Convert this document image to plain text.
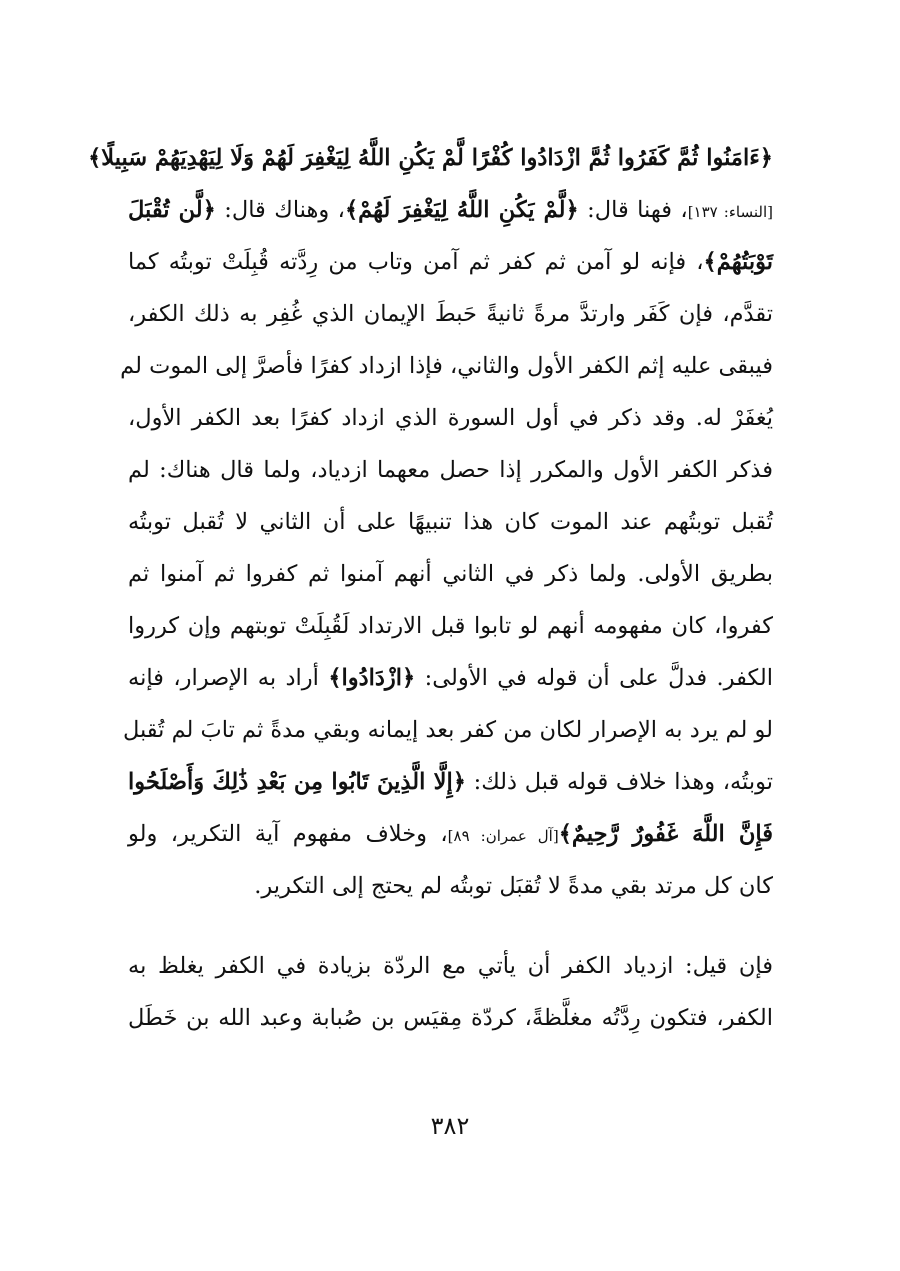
﴿ءَامَنُوا ثُمَّ كَفَرُوا ثُمَّ ازْدَادُوا كُفْرًا لَّمْ يَكُنِ اللَّهُ لِيَغْفِرَ لَهُمْ وَلَا لِيَهْدِيَهُمْ سَبِيلًا﴾
[النساء: ١٣٧]، فهنا قال: ﴿لَّمْ يَكُنِ اللَّهُ لِيَغْفِرَ لَهُمْ﴾، وهناك قال: ﴿لَّن تُقْبَلَ
تَوْبَتُهُمْ﴾، فإنه لو آمن ثم كفر ثم آمن وتاب من رِدَّته قُبِلَتْ توبتُه كما
تقدَّم، فإن كَفَر وارتدَّ مرةً ثانيةً حَبطَ الإيمان الذي غُفِر به ذلك الكفر،
فيبقى عليه إثم الكفر الأول والثاني، فإذا ازداد كفرًا فأصرَّ إلى الموت لم
يُغفَرْ له. وقد ذكر في أول السورة الذي ازداد كفرًا بعد الكفر الأول،
فذكر الكفر الأول والمكرر إذا حصل معهما ازدياد، ولما قال هناك: لم
تُقبل توبتُهم عند الموت كان هذا تنبيهًا على أن الثاني لا تُقبل توبتُه
بطريق الأولى. ولما ذكر في الثاني أنهم آمنوا ثم كفروا ثم آمنوا ثم
كفروا، كان مفهومه أنهم لو تابوا قبل الارتداد لَقُبِلَتْ توبتهم وإن كرروا
الكفر. فدلَّ على أن قوله في الأولى: ﴿ازْدَادُوا﴾ أراد به الإصرار، فإنه
لو لم يرد به الإصرار لكان من كفر بعد إيمانه وبقي مدةً ثم تابَ لم تُقبل
توبتُه، وهذا خلاف قوله قبل ذلك: ﴿إِلَّا الَّذِينَ تَابُوا مِن بَعْدِ ذَٰلِكَ وَأَصْلَحُوا
فَإِنَّ اللَّهَ غَفُورٌ رَّحِيمٌ﴾[آل عمران: ٨٩]، وخلاف مفهوم آية التكرير، ولو
كان كل مرتد بقي مدةً لا تُقبَل توبتُه لم يحتج إلى التكرير.
فإن قيل: ازدياد الكفر أن يأتي مع الردّة بزيادة في الكفر يغلظ به
الكفر، فتكون رِدَّتُه مغلَّظةً، كردّة مِقيَس بن صُبابة وعبد الله بن خَطَل
٣٨٢
